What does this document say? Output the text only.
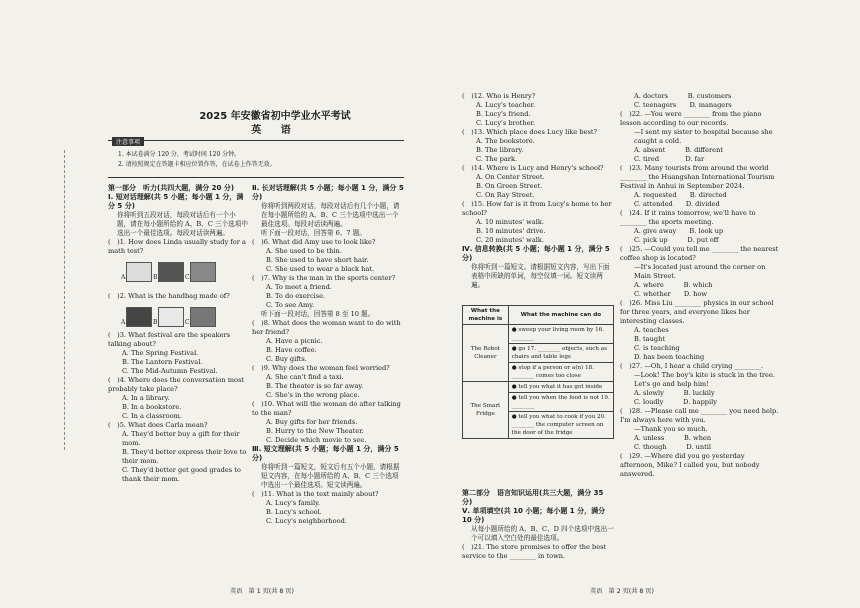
2025 年安徽省初中学业水平考试
英 语
注意事项

1. 本试卷满分 120 分，考试时间 120 分钟。

2. 请按照规定在答题卡相应位置作答，在试卷上作答无效。

第一部分　听力(共四大题，满分 20 分)
Ⅰ. 短对话理解(共 5 小题；每小题 1 分，满分 5 分)
你将听到五段对话，每段对话后有一个小题，请在每小题所给的 A、B、C 三个选项中选出一个最佳选项。每段对话读两遍。
(　)1. How does Linda usually study for a math test?
A.	B.	C.
(　)2. What is the handbag made of?
A.	B.	C.
(　)3. What festival are the speakers talking about?
A. The Spring Festival.
B. The Lantern Festival.
C. The Mid-Autumn Festival.
(　)4. Where does the conversation most probably take place?
A. In a library.
B. In a bookstore.
C. In a classroom.
(　)5. What does Carla mean?
A. They'd better buy a gift for their mom.
B. They'd better express their love to their mom.
C. They'd better get good grades to thank their mom.
Ⅱ. 长对话理解(共 5 小题；每小题 1 分，满分 5 分)
你将听到两段对话，每段对话后有几个小题，请在每小题所给的 A、B、C 三个选项中选出一个最佳选项。每段对话读两遍。
听下面一段对话，回答第 6、7 题。
(　)6. What did Amy use to look like?
A. She used to be thin.
B. She used to have short hair.
C. She used to wear a black hat.
(　)7. Why is the man in the sports center?
A. To meet a friend.
B. To do exercise.
C. To see Amy.
听下面一段对话，回答第 8 至 10 题。
(　)8. What does the woman want to do with her friend?
A. Have a picnic.
B. Have coffee.
C. Buy gifts.
(　)9. Why does the woman feel worried?
A. She can't find a taxi.
B. The theater is so far away.
C. She's in the wrong place.
(　)10. What will the woman do after talking to the man?
A. Buy gifts for her friends.
B. Hurry to the New Theater.
C. Decide which movie to see.
Ⅲ. 短文理解(共 5 小题；每小题 1 分，满分 5 分)
你将听到一篇短文，短文后有五个小题，请根据短文内容，在每小题所给的 A、B、C 三个选项中选出一个最佳选项。短文读两遍。
(　)11. What is the text mainly about?
A. Lucy's family.
B. Lucy's school.
C. Lucy's neighborhood.
(　)12. Who is Henry?
A. Lucy's teacher.
B. Lucy's friend.
C. Lucy's brother.
(　)13. Which place does Lucy like best?
A. The bookstore.
B. The library.
C. The park.
(　)14. Where is Lucy and Henry's school?
A. On Center Street.
B. On Green Street.
C. On Ray Street.
(　)15. How far is it from Lucy's home to her school?
A. 10 minutes' walk.
B. 10 minutes' drive.
C. 20 minutes' walk.
Ⅳ. 信息转换(共 5 小题；每小题 1 分，满分 5 分)
你将听到一篇短文。请根据短文内容，写出下面表格中所缺的单词，每空仅填一词。短文读两遍。
What the machine is	What the machine can do
The Robot Cleaner	● sweep your living room by 16. ________
	● go 17. ________ objects, such as chairs and table legs
	● stop if a person or a(n) 18. ________ comes too close
The Smart Fridge	● tell you what it has got inside
	● tell you when the food is not 19. ________
	● tell you what to cook if you 20. ________ the computer screen on the door of the fridge
第二部分　语言知识运用(共三大题，满分 35 分)
Ⅴ. 单项填空(共 10 小题；每小题 1 分，满分 10 分)
从每小题所给的 A、B、C、D 四个选项中选出一个可以填入空白处的最佳选项。
(　)21. The store promises to offer the best service to the ________ in town.
A. doctors　　　B. customers
C. teenagers　　D. managers
(　)22. —You were ________ from the piano lesson according to our records.
—I sent my sister to hospital because she caught a cold.
A. absent　　　B. different
C. tired　　　　D. far
(　)23. Many tourists from around the world ________ the Huangshan International Tourism Festival in Anhui in September 2024.
A. requested　　B. directed
C. attended　　D. divided
(　)24. If it rains tomorrow, we'll have to ________ the sports meeting.
A. give away　　B. look up
C. pick up　　　D. put off
(　)25. —Could you tell me ________ the nearest coffee shop is located?
—It's located just around the corner on Main Street.
A. where　　　B. which
C. whether　　D. how
(　)26. Miss Liu ________ physics in our school for three years, and everyone likes her interesting classes.
A. teaches
B. taught
C. is teaching
D. has been teaching
(　)27. —Oh, I hear a child crying ________.
—Look! The boy's kite is stuck in the tree. Let's go and help him!
A. slowly　　　B. luckily
C. loudly　　　D. happily
(　)28. —Please call me ________ you need help. I'm always here with you.
—Thank you so much.
A. unless　　　B. when
C. though　　　D. until
(　)29. —Where did you go yesterday afternoon, Mike? I called you, but nobody answered.
英语　第 1 页(共 8 页)	英语　第 2 页(共 8 页)
